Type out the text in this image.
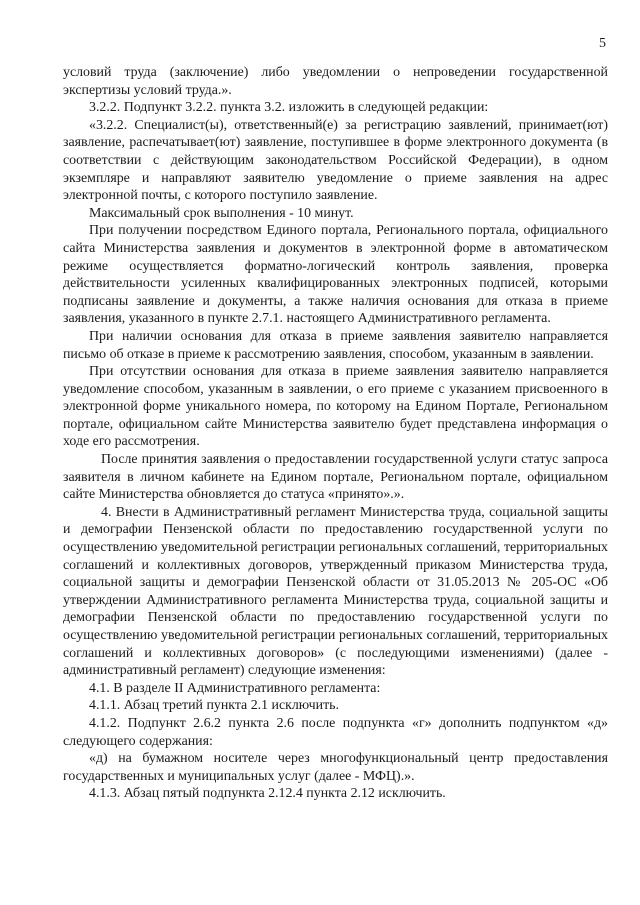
5

условий труда (заключение) либо уведомлении о непроведении государственной экспертизы условий труда.».

3.2.2. Подпункт 3.2.2. пункта 3.2. изложить в следующей редакции:

«3.2.2. Специалист(ы), ответственный(е) за регистрацию заявлений, принимает(ют) заявление, распечатывает(ют) заявление, поступившее в форме электронного документа (в соответствии с действующим законодательством Российской Федерации), в одном экземпляре и направляют заявителю уведомление о приеме заявления на адрес электронной почты, с которого поступило заявление.

Максимальный срок выполнения - 10 минут.

При получении посредством Единого портала, Регионального портала, официального сайта Министерства заявления и документов в электронной форме в автоматическом режиме осуществляется форматно-логический контроль заявления, проверка действительности усиленных квалифицированных электронных подписей, которыми подписаны заявление и документы, а также наличия основания для отказа в приеме заявления, указанного в пункте 2.7.1. настоящего Административного регламента.

При наличии основания для отказа в приеме заявления заявителю направляется письмо об отказе в приеме к рассмотрению заявления, способом, указанным в заявлении.

При отсутствии основания для отказа в приеме заявления заявителю направляется уведомление способом, указанным в заявлении, о его приеме с указанием присвоенного в электронной форме уникального номера, по которому на Едином Портале, Региональном портале, официальном сайте Министерства заявителю будет представлена информация о ходе его рассмотрения.

После принятия заявления о предоставлении государственной услуги статус запроса заявителя в личном кабинете на Едином портале, Региональном портале, официальном сайте Министерства обновляется до статуса «принято».».

4. Внести в Административный регламент Министерства труда, социальной защиты и демографии Пензенской области по предоставлению государственной услуги по осуществлению уведомительной регистрации региональных соглашений, территориальных соглашений и коллективных договоров, утвержденный приказом Министерства труда, социальной защиты и демографии Пензенской области от 31.05.2013 № 205-ОС «Об утверждении Административного регламента Министерства труда, социальной защиты и демографии Пензенской области по предоставлению государственной услуги по осуществлению уведомительной регистрации региональных соглашений, территориальных соглашений и коллективных договоров» (с последующими изменениями) (далее - административный регламент) следующие изменения:

4.1. В разделе II Административного регламента:

4.1.1. Абзац третий пункта 2.1 исключить.

4.1.2. Подпункт 2.6.2 пункта 2.6 после подпункта «г» дополнить подпунктом «д» следующего содержания:

«д) на бумажном носителе через многофункциональный центр предоставления государственных и муниципальных услуг (далее - МФЦ).».

4.1.3. Абзац пятый подпункта 2.12.4 пункта 2.12 исключить.
